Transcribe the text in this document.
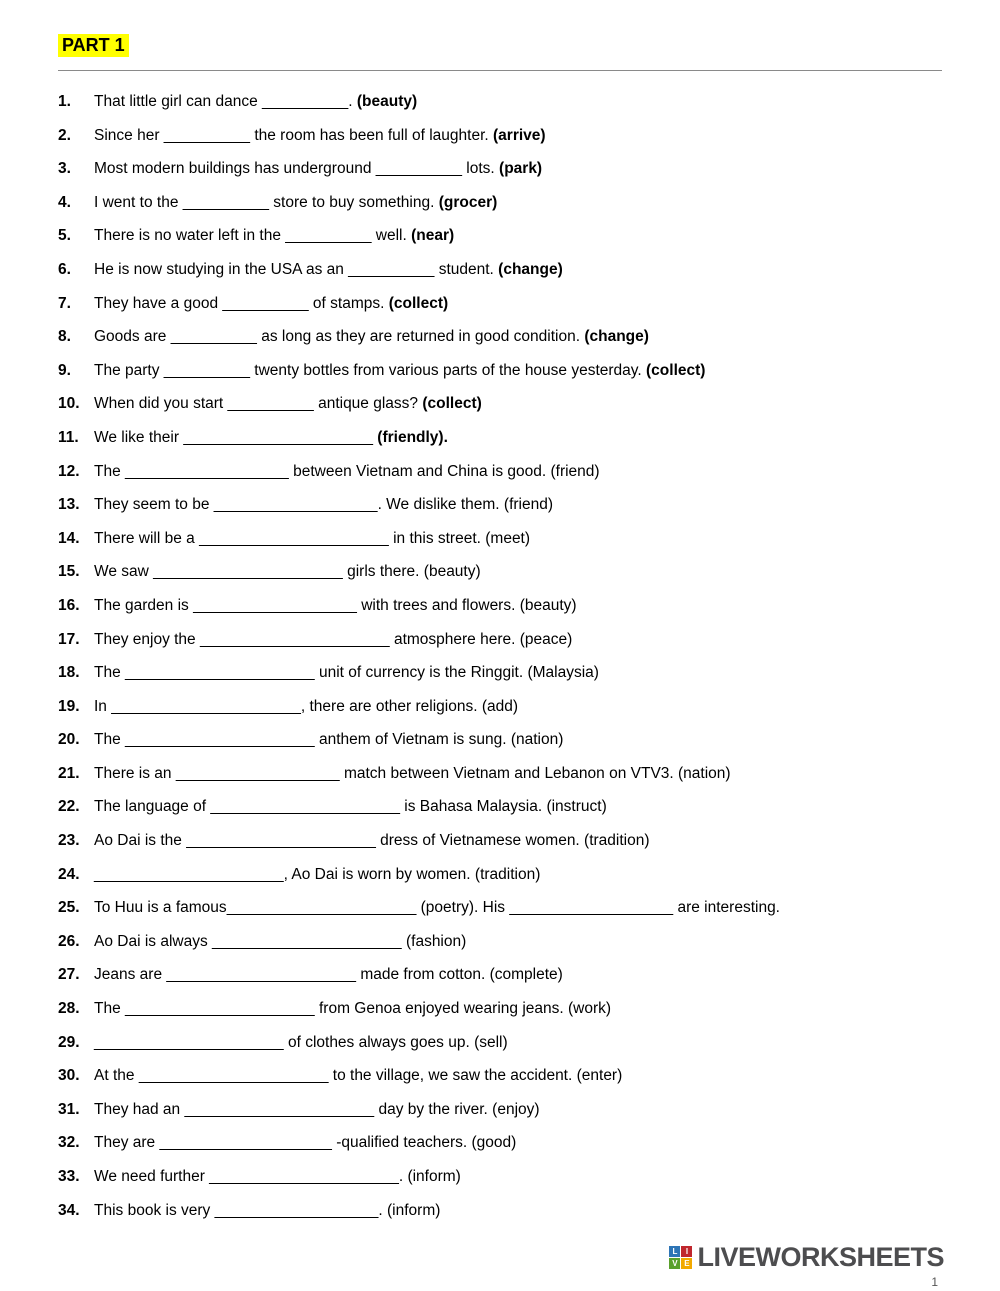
PART 1
1.	That little girl can dance __________. (beauty)
2.	Since her __________ the room has been full of laughter. (arrive)
3.	Most modern buildings has underground __________ lots. (park)
4.	I went to the __________ store to buy something. (grocer)
5.	There is no water left in the __________ well. (near)
6.	He is now studying in the USA as an __________ student. (change)
7.	They have a good __________ of stamps. (collect)
8.	Goods are __________ as long as they are returned in good condition. (change)
9.	The party __________ twenty bottles from various parts of the house yesterday. (collect)
10. When did you start __________ antique glass? (collect)
11. We like their ______________________ (friendly).
12. The ___________________ between Vietnam and China is good. (friend)
13. They seem to be ___________________. We dislike them. (friend)
14. There will be a ______________________ in this street. (meet)
15. We saw ______________________ girls there. (beauty)
16. The garden is ___________________ with trees and flowers. (beauty)
17. They enjoy the ______________________ atmosphere here. (peace)
18. The ______________________ unit of currency is the Ringgit. (Malaysia)
19. In ______________________, there are other religions. (add)
20. The ______________________ anthem of Vietnam is sung. (nation)
21. There is an ___________________ match between Vietnam and Lebanon on VTV3. (nation)
22. The language of ______________________ is Bahasa Malaysia. (instruct)
23. Ao Dai is the ______________________ dress of Vietnamese women. (tradition)
24. ______________________, Ao Dai is worn by women. (tradition)
25. To Huu is a famous______________________ (poetry). His ___________________ are interesting.
26. Ao Dai is always ______________________ (fashion)
27. Jeans are ______________________ made from cotton. (complete)
28. The ______________________ from Genoa enjoyed wearing jeans. (work)
29. ______________________ of clothes always goes up. (sell)
30. At the ______________________ to the village, we saw the accident. (enter)
31. They had an ______________________ day by the river. (enjoy)
32. They are ____________________ -qualified teachers. (good)
33. We need further ______________________. (inform)
34. This book is very ___________________. (inform)
L	I
V E LIVEWORKSHEETS
1
